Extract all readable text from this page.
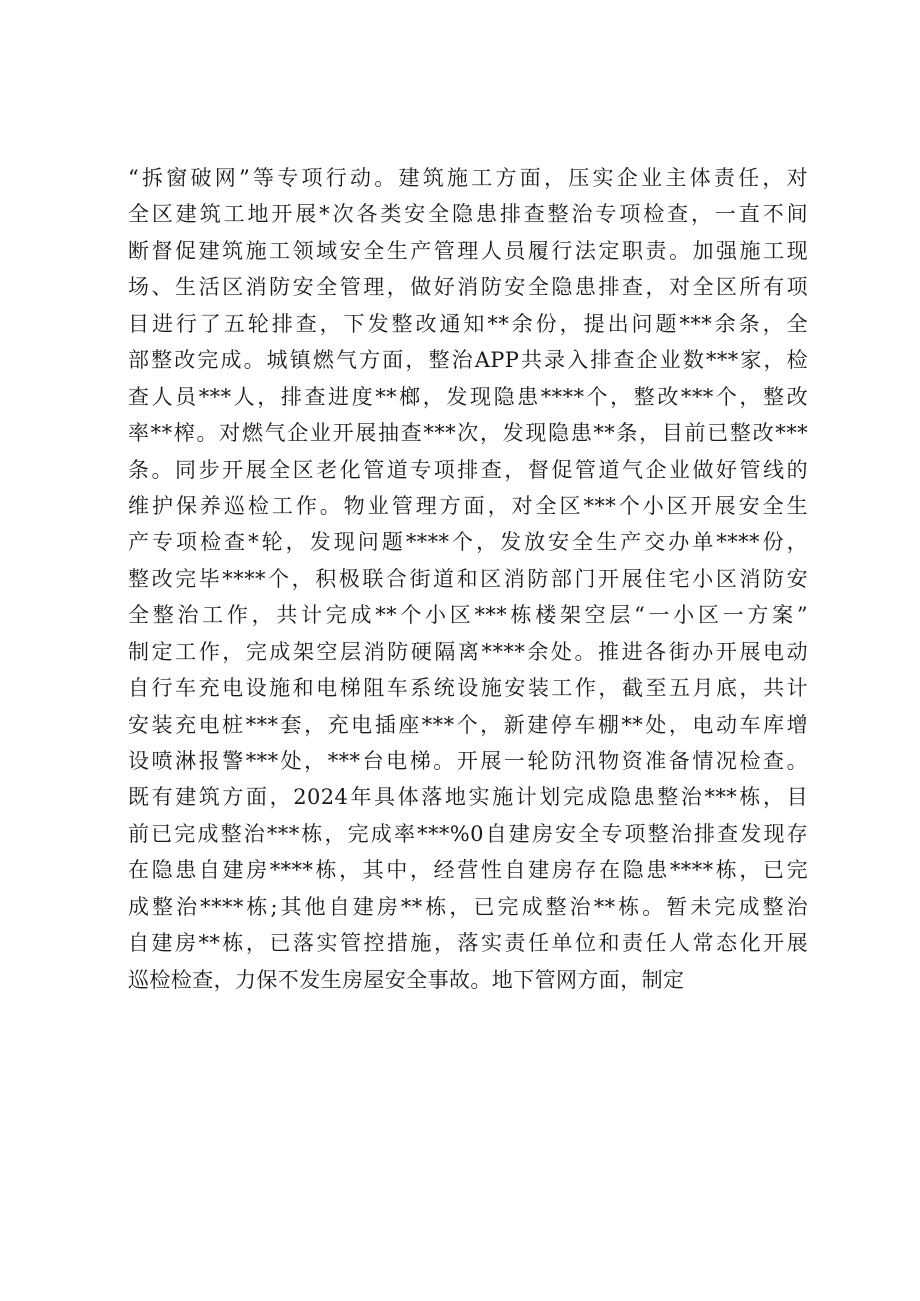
“拆窗破网”等专项行动。建筑施工方面，压实企业主体责任，对
全区建筑工地开展*次各类安全隐患排查整治专项检查，一直不间
断督促建筑施工领域安全生产管理人员履行法定职责。加强施工现
场、生活区消防安全管理，做好消防安全隐患排查，对全区所有项
目进行了五轮排查，下发整改通知**余份，提出问题***余条，全
部整改完成。城镇燃气方面，整治APP共录入排查企业数***家，检
查人员***人，排查进度**榔，发现隐患****个，整改***个，整改
率**榨。对燃气企业开展抽查***次，发现隐患**条，目前已整改***
条。同步开展全区老化管道专项排查，督促管道气企业做好管线的
维护保养巡检工作。物业管理方面，对全区***个小区开展安全生
产专项检查*轮，发现问题****个，发放安全生产交办单****份，
整改完毕****个，积极联合街道和区消防部门开展住宅小区消防安
全整治工作，共计完成**个小区***栋楼架空层“一小区一方案”
制定工作，完成架空层消防硬隔离****余处。推进各街办开展电动
自行车充电设施和电梯阻车系统设施安装工作，截至五月底，共计
安装充电桩***套，充电插座***个，新建停车棚**处，电动车库增
设喷淋报警***处，***台电梯。开展一轮防汛物资准备情况检查。
既有建筑方面，2024年具体落地实施计划完成隐患整治***栋，目
前已完成整治***栋，完成率***%0自建房安全专项整治排查发现存
在隐患自建房****栋，其中，经营性自建房存在隐患****栋，已完
成整治****栋;其他自建房**栋，已完成整治**栋。暂未完成整治
自建房**栋，已落实管控措施，落实责任单位和责任人常态化开展
巡检检查，力保不发生房屋安全事故。地下管网方面，制定
